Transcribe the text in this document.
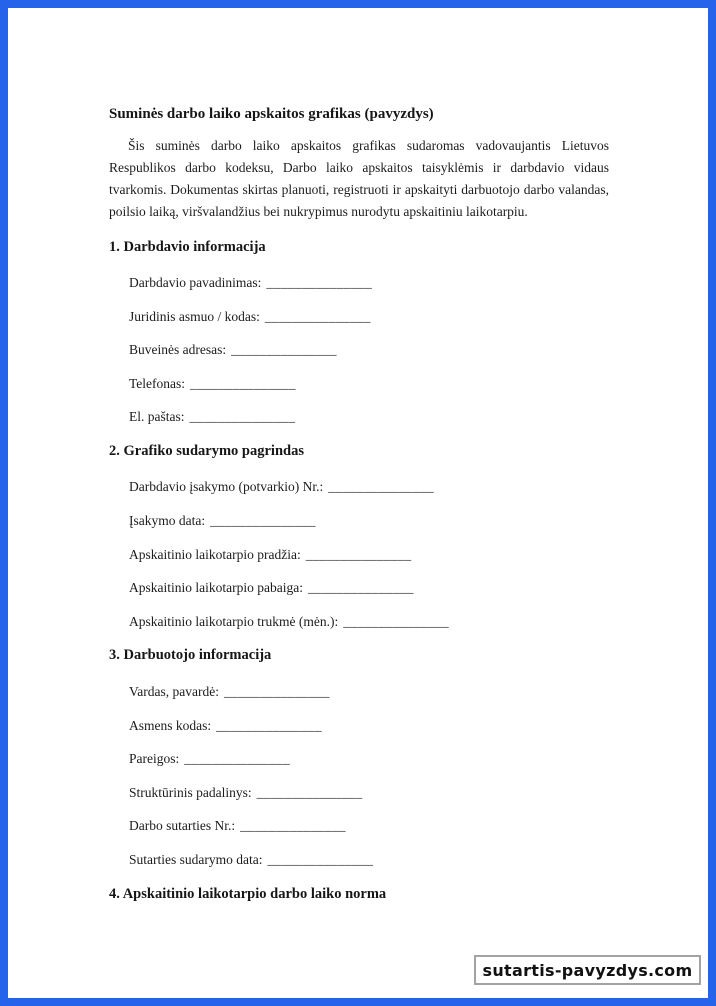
Suminės darbo laiko apskaitos grafikas (pavyzdys)
Šis suminės darbo laiko apskaitos grafikas sudaromas vadovaujantis Lietuvos Respublikos darbo kodeksu, Darbo laiko apskaitos taisyklėmis ir darbdavio vidaus tvarkomis. Dokumentas skirtas planuoti, registruoti ir apskaityti darbuotojo darbo valandas, poilsio laiką, viršvalandžius bei nukrypimus nurodytu apskaitiniu laikotarpiu.
1. Darbdavio informacija
Darbdavio pavadinimas: _______________
Juridinis asmuo / kodas: _______________
Buveinės adresas: _______________
Telefonas: _______________
El. paštas: _______________
2. Grafiko sudarymo pagrindas
Darbdavio įsakymo (potvarkio) Nr.: _______________
Įsakymo data: _______________
Apskaitinio laikotarpio pradžia: _______________
Apskaitinio laikotarpio pabaiga: _______________
Apskaitinio laikotarpio trukmė (mėn.): _______________
3. Darbuotojo informacija
Vardas, pavardė: _______________
Asmens kodas: _______________
Pareigos: _______________
Struktūrinis padalinys: _______________
Darbo sutarties Nr.: _______________
Sutarties sudarymo data: _______________
4. Apskaitinio laikotarpio darbo laiko norma
sutartis-pavyzdys.com
